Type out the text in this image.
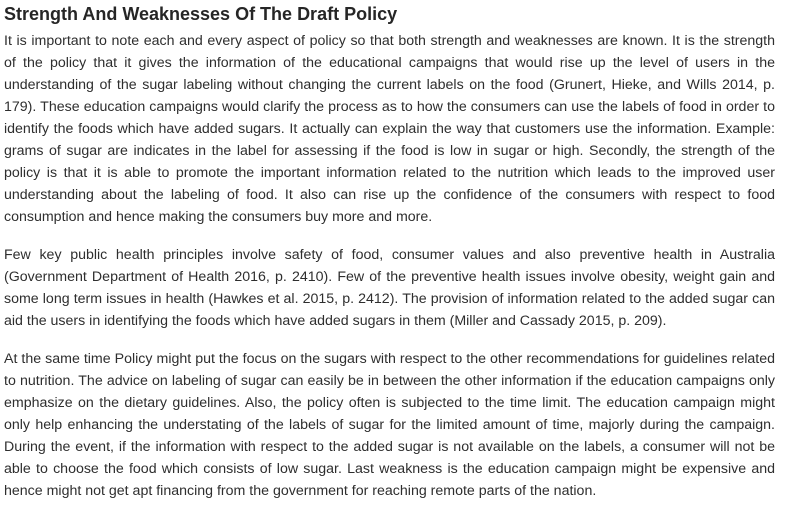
Strength And Weaknesses Of The Draft Policy

It is important to note each and every aspect of policy so that both strength and weaknesses are known. It is the strength of the policy that it gives the information of the educational campaigns that would rise up the level of users in the understanding of the sugar labeling without changing the current labels on the food (Grunert, Hieke, and Wills 2014, p. 179). These education campaigns would clarify the process as to how the consumers can use the labels of food in order to identify the foods which have added sugars. It actually can explain the way that customers use the information. Example: grams of sugar are indicates in the label for assessing if the food is low in sugar or high. Secondly, the strength of the policy is that it is able to promote the important information related to the nutrition which leads to the improved user understanding about the labeling of food. It also can rise up the confidence of the consumers with respect to food consumption and hence making the consumers buy more and more.

Few key public health principles involve safety of food, consumer values and also preventive health in Australia (Government Department of Health 2016, p. 2410). Few of the preventive health issues involve obesity, weight gain and some long term issues in health (Hawkes et al. 2015, p. 2412). The provision of information related to the added sugar can aid the users in identifying the foods which have added sugars in them (Miller and Cassady 2015, p. 209).

At the same time Policy might put the focus on the sugars with respect to the other recommendations for guidelines related to nutrition. The advice on labeling of sugar can easily be in between the other information if the education campaigns only emphasize on the dietary guidelines. Also, the policy often is subjected to the time limit. The education campaign might only help enhancing the understating of the labels of sugar for the limited amount of time, majorly during the campaign. During the event, if the information with respect to the added sugar is not available on the labels, a consumer will not be able to choose the food which consists of low sugar. Last weakness is the education campaign might be expensive and hence might not get apt financing from the government for reaching remote parts of the nation.
